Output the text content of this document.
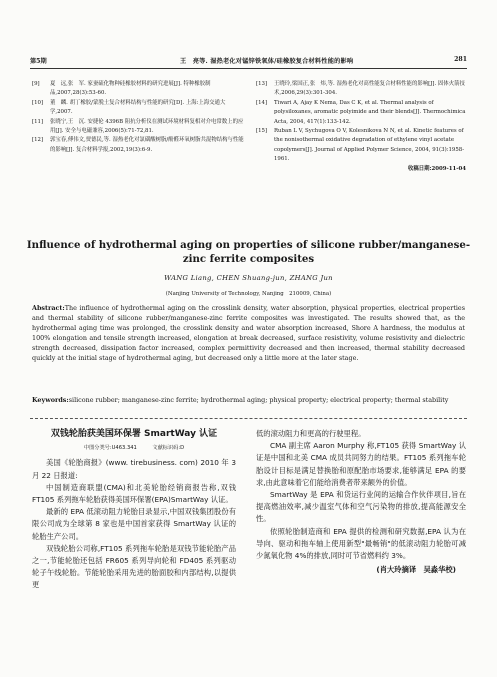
第5期	王　亮等. 湿热老化对锰锌铁氧体/硅橡胶复合材料性能的影响	281

[9] 夏　远,张　军. 家蚕硫化物种硅橡胶材料的研究进展[J]. 特种橡胶制品,2007,28(3):53-60.

[10] 董　麟. 胡丁橡胶/蒙脱土复合材料结构与性能的研究[D]. 上海:上海交通大学,2007.

[11] 张晓宁,王　沉. 安捷伦 4396B 阻抗分析仪在测试环境材料复相对介电常数上的应用[J]. 安全与电磁兼容,2006(5):71-72,81.

[12] 郭宝春,傅伟文,贾德民,等. 湿热老化对氯磺酸树脂/酚醛环氧树脂共混物结构与性能的影响[J]. 复合材料学报,2002,19(3):6-9.

[13] 王晓玲,梁国正,张　炜,等. 湿热老化对高性能复合材料性能的影响[J]. 固体火箭技术,2006,29(3):301-304.

[14] Tiwari A, Ajay K Nema, Das C K, et al. Thermal analysis of polysiloxanes, aromatic polyimide and their blends[J]. Thermochimica Acta, 2004, 417(1):133-142.

[15] Ruban L V, Sychugova O V, Kolesnikova N N, et al. Kinetic features of the nonisothermal oxidative degradation of ethylene vinyl acetate copolymers[J]. Journal of Applied Polymer Science, 2004, 91(3):1958-1961.

收稿日期:2009-11-04
Influence of hydrothermal aging on properties of silicone rubber/manganese-zinc ferrite composites
WANG Liang, CHEN Shuang-jun, ZHANG Jun
(Nanjing University of Technology, Nanjing　210009, China)
Abstract:The influence of hydrothermal aging on the crosslink density, water absorption, physical properties, electrical properties and thermal stability of silicone rubber/manganese-zinc ferrite composites was investigated. The results showed that, as the hydrothermal aging time was prolonged, the crosslink density and water absorption increased, Shore A hardness, the modulus at 100% elongation and tensile strength increased, elongation at break decreased, surface resistivity, volume resistivity and dielectric strength decreased, dissipation factor increased, complex permittivity decreased and then increased, thermal stability decreased quickly at the initial stage of hydrothermal aging, but decreased only a little more at the later stage.
Keywords:silicone rubber; manganese-zinc ferrite; hydrothermal aging; physical property; electrical property; thermal stability
双钱轮胎获美国环保署 SmartWay 认证
中图分类号:U463.341　　　文献标识码:D

美国《轮胎商报》(www. tirebusiness. com) 2010 年 3 月 22 日报道:

中国制造商联盟(CMA)和北美轮胎经销商报告称,双钱 FT105 系列拖车轮胎获得美国环保署(EPA)SmartWay 认证。

最新的 EPA 低滚动阻力轮胎目录显示,中国双钱集团股份有限公司成为全球第 8 家也是中国首家获得 SmartWay 认证的轮胎生产公司。

双钱轮胎公司称,FT105 系列拖车轮胎是双钱节能轮胎产品之一,节能轮胎还包括 FR605 系列导向轮和 FD405 系列驱动轮子午线轮胎。节能轮胎采用先进的胎面胶和内部结构,以提供更

低的滚动阻力和更高的行驶里程。

CMA 副主席 Aaron Murphy 称,FT105 获得 SmartWay 认证是中国和北美 CMA 成员共同努力的结果。FT105 系列拖车轮胎设计目标是满足替换胎和原配胎市场要求,能够满足 EPA 的要求,由此意味着它们能给消费者带来额外的价值。

SmartWay 是 EPA 和货运行业间的运输合作伙伴项目,旨在提高燃油效率,减少温室气体和空气污染物的排放,提高能源安全性。

依照轮胎制造商和 EPA 提供的检测和研究数据,EPA 认为在导向、驱动和拖车轴上使用新型"最畅销"的低滚动阻力轮胎可减少氮氧化物 4%的排放,同时可节省燃料约 3%。

(肖大玲摘译　吴淼华校)
